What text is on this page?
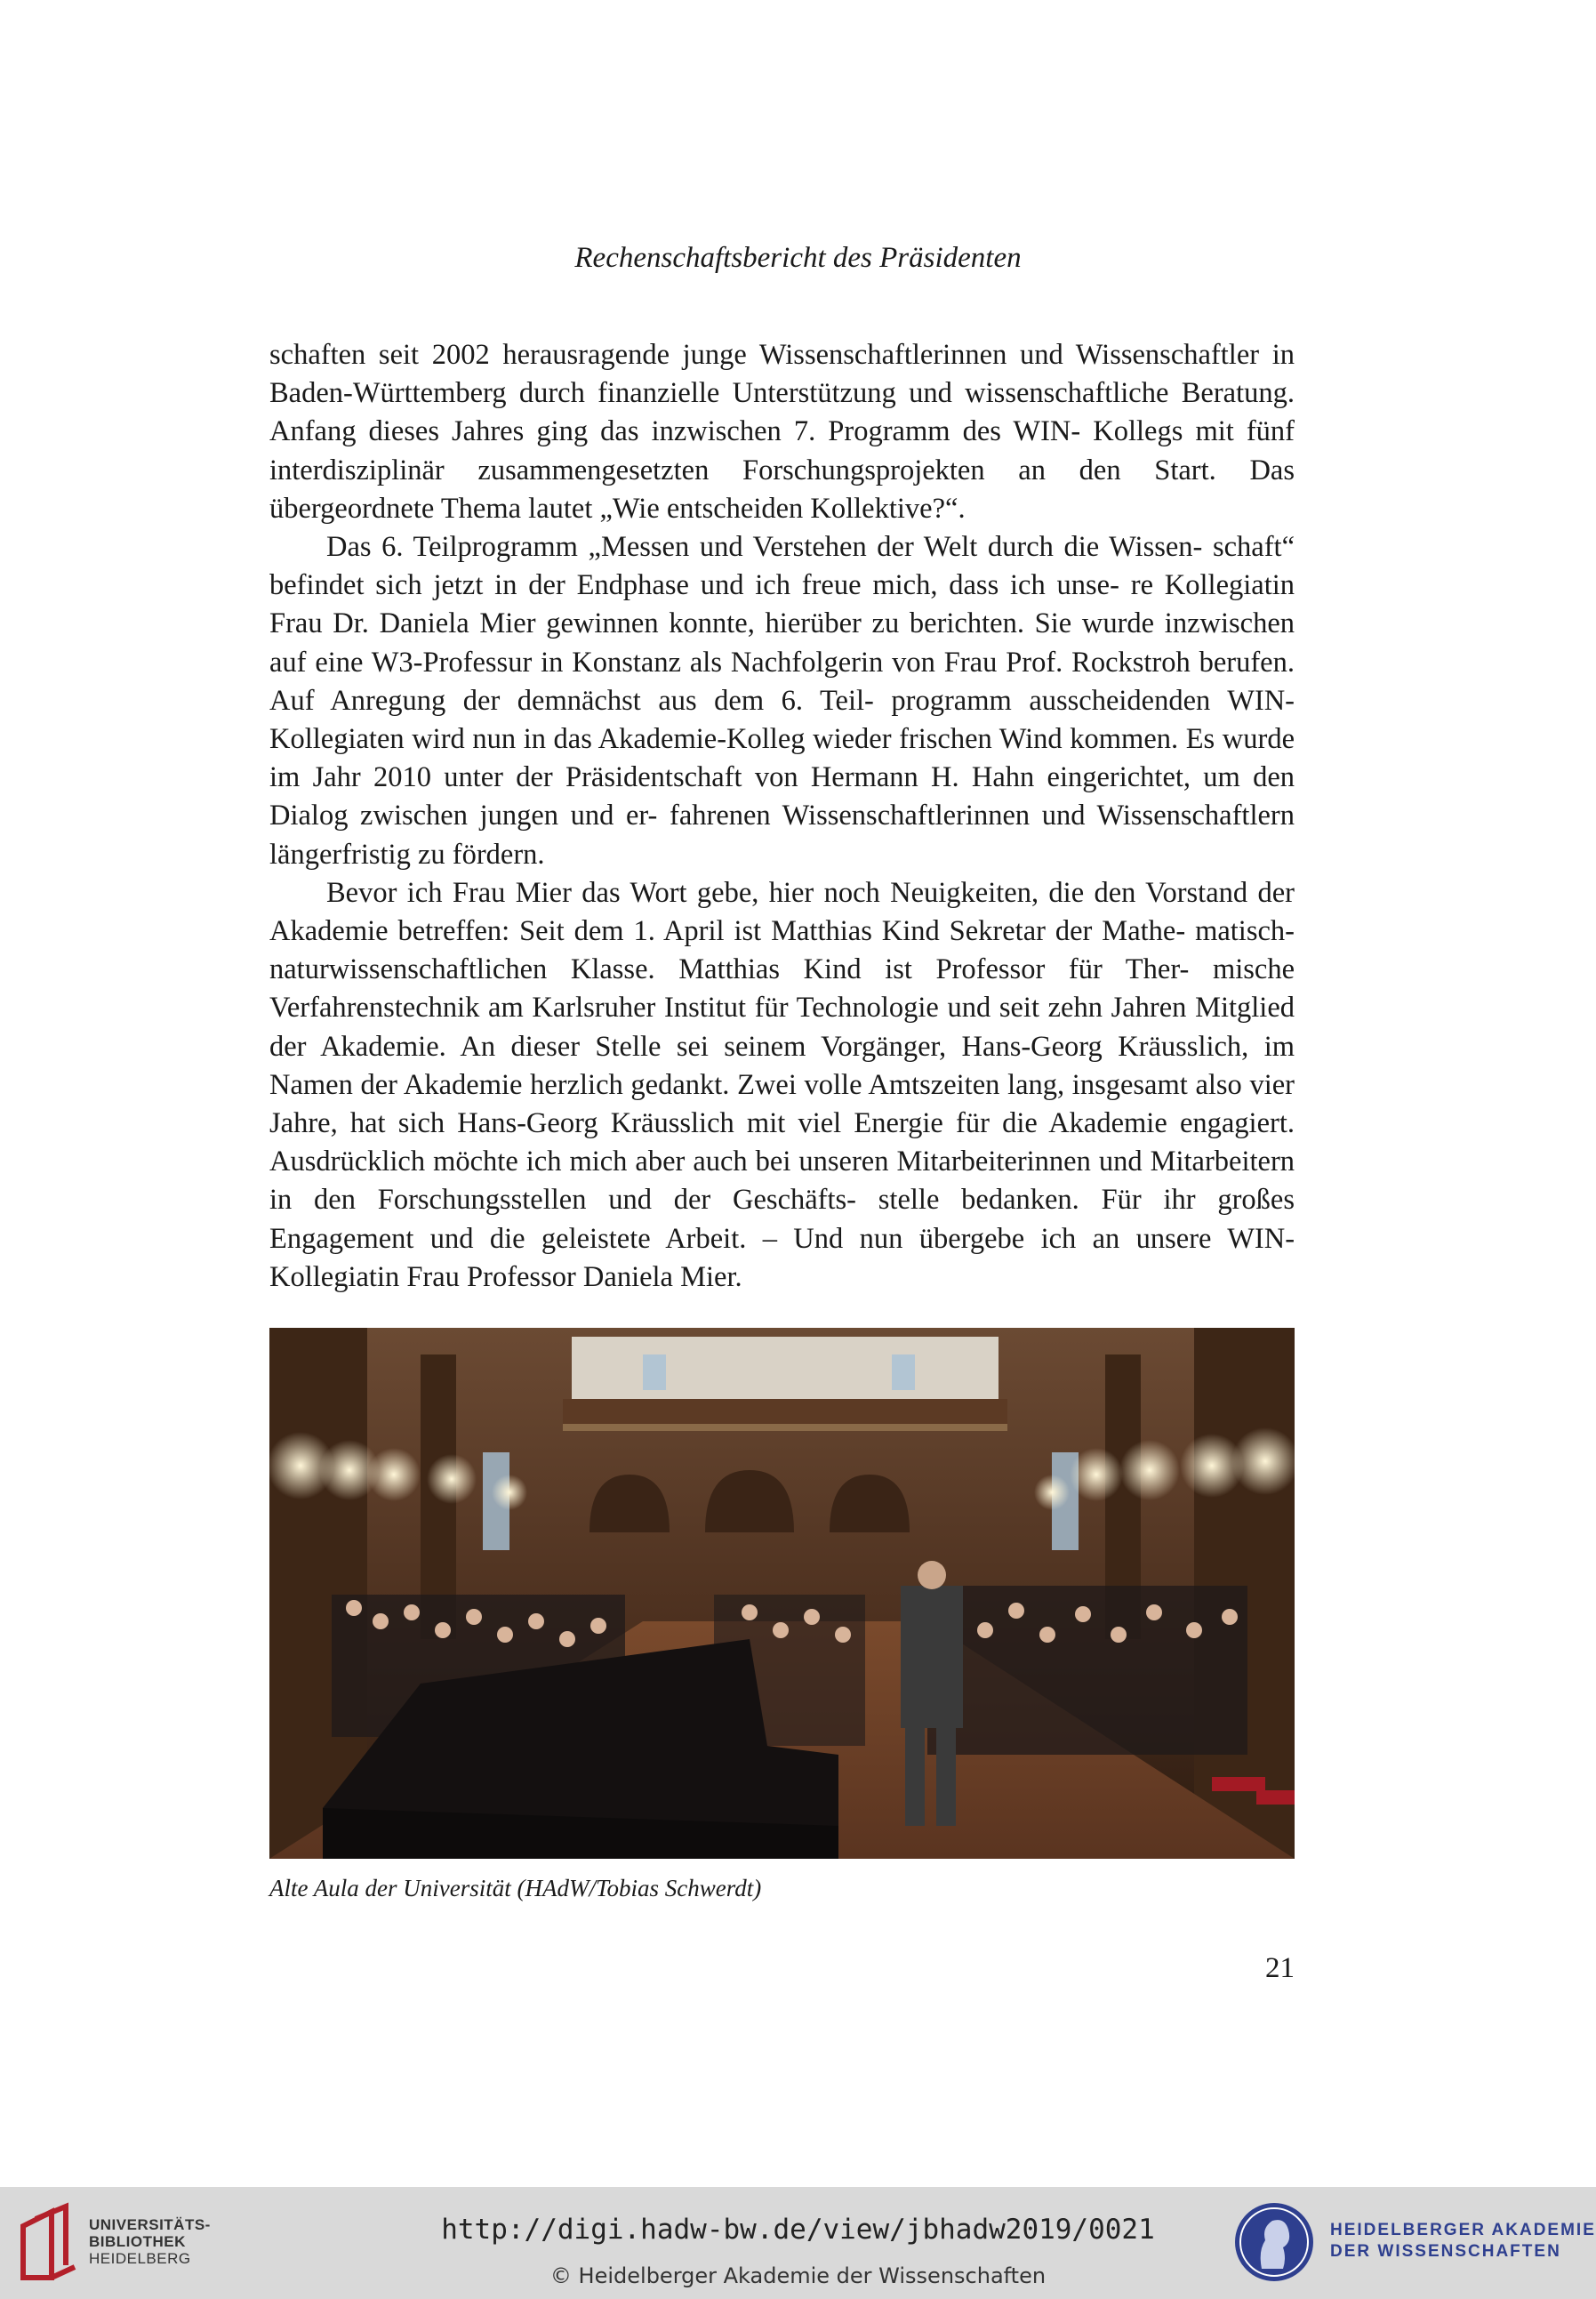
Rechenschaftsbericht des Präsidenten

schaften seit 2002 herausragende junge Wissenschaftlerinnen und Wissenschaftler in Baden-Württemberg durch finanzielle Unterstützung und wissenschaftliche Beratung. Anfang dieses Jahres ging das inzwischen 7. Programm des WIN- Kollegs mit fünf interdisziplinär zusammengesetzten Forschungsprojekten an den Start. Das übergeordnete Thema lautet „Wie entscheiden Kollektive?“.

Das 6. Teilprogramm „Messen und Verstehen der Welt durch die Wissen- schaft“ befindet sich jetzt in der Endphase und ich freue mich, dass ich unse- re Kollegiatin Frau Dr. Daniela Mier gewinnen konnte, hierüber zu berichten. Sie wurde inzwischen auf eine W3-Professur in Konstanz als Nachfolgerin von Frau Prof. Rockstroh berufen. Auf Anregung der demnächst aus dem 6. Teil- programm ausscheidenden WIN-Kollegiaten wird nun in das Akademie-Kolleg wieder frischen Wind kommen. Es wurde im Jahr 2010 unter der Präsidentschaft von Hermann H. Hahn eingerichtet, um den Dialog zwischen jungen und er- fahrenen Wissenschaftlerinnen und Wissenschaftlern längerfristig zu fördern.

Bevor ich Frau Mier das Wort gebe, hier noch Neuigkeiten, die den Vorstand der Akademie betreffen: Seit dem 1. April ist Matthias Kind Sekretar der Mathe- matisch-naturwissenschaftlichen Klasse. Matthias Kind ist Professor für Ther- mische Verfahrenstechnik am Karlsruher Institut für Technologie und seit zehn Jahren Mitglied der Akademie. An dieser Stelle sei seinem Vorgänger, Hans-Georg Kräusslich, im Namen der Akademie herzlich gedankt. Zwei volle Amtszeiten lang, insgesamt also vier Jahre, hat sich Hans-Georg Kräusslich mit viel Energie für die Akademie engagiert. Ausdrücklich möchte ich mich aber auch bei unseren Mitarbeiterinnen und Mitarbeitern in den Forschungsstellen und der Geschäfts- stelle bedanken. Für ihr großes Engagement und die geleistete Arbeit. – Und nun übergebe ich an unsere WIN-Kollegiatin Frau Professor Daniela Mier.

Alte Aula der Universität (HAdW/Tobias Schwerdt)
21
UNIVERSITÄTS-
BIBLIOTHEK
HEIDELBERG
http://digi.hadw-bw.de/view/jbhadw2019/0021
© Heidelberger Akademie der Wissenschaften
HEIDELBERGER AKADEMIE
DER WISSENSCHAFTEN
